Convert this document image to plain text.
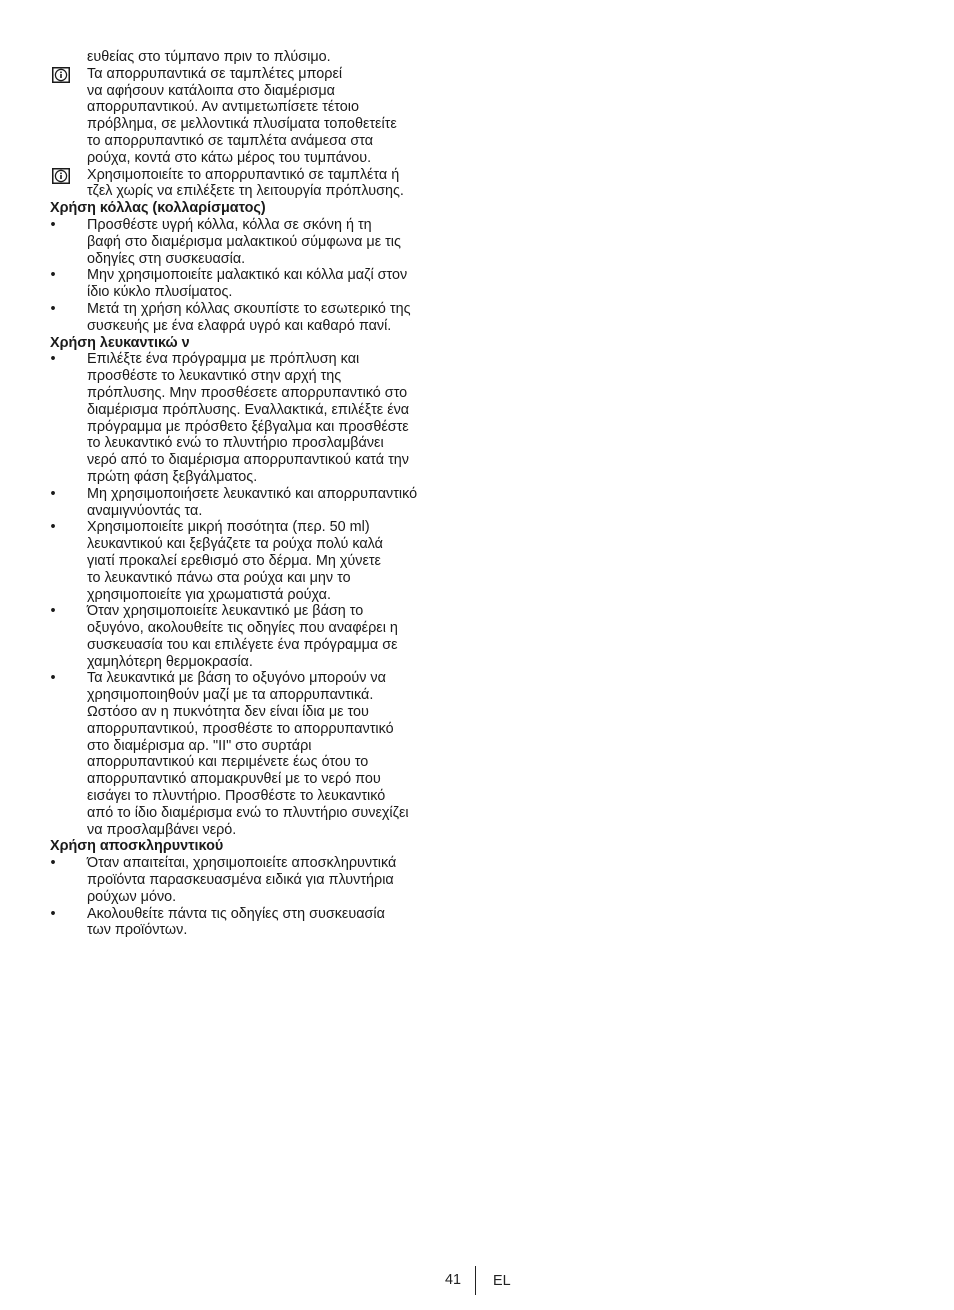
ευθείας στο τύμπανο πριν το πλύσιμο.
Τα απορρυπαντικά σε ταμπλέτες μπορεί
να αφήσουν κατάλοιπα στο διαμέρισμα
απορρυπαντικού. Αν αντιμετωπίσετε τέτοιο
πρόβλημα, σε μελλοντικά πλυσίματα τοποθετείτε
το απορρυπαντικό σε ταμπλέτα ανάμεσα στα
ρούχα, κοντά στο κάτω μέρος του τυμπάνου.
Χρησιμοποιείτε το απορρυπαντικό σε ταμπλέτα ή
τζελ χωρίς να επιλέξετε τη λειτουργία πρόπλυσης.
Χρήση κόλλας (κολλαρίσματος)
• Προσθέστε υγρή κόλλα, κόλλα σε σκόνη ή τη
βαφή στο διαμέρισμα μαλακτικού σύμφωνα με τις
οδηγίες στη συσκευασία.
• Μην χρησιμοποιείτε μαλακτικό και κόλλα μαζί στον
ίδιο κύκλο πλυσίματος.
• Μετά τη χρήση κόλλας σκουπίστε το εσωτερικό της
συσκευής με ένα ελαφρά υγρό και καθαρό πανί.
Χρήση λευκαντικώ ν
• Επιλέξτε ένα πρόγραμμα με πρόπλυση και
προσθέστε το λευκαντικό στην αρχή της
πρόπλυσης. Μην προσθέσετε απορρυπαντικό στο
διαμέρισμα πρόπλυσης. Εναλλακτικά, επιλέξτε ένα
πρόγραμμα με πρόσθετο ξέβγαλμα και προσθέστε
το λευκαντικό ενώ το πλυντήριο προσλαμβάνει
νερό από το διαμέρισμα απορρυπαντικού κατά την
πρώτη φάση ξεβγάλματος.
• Μη χρησιμοποιήσετε λευκαντικό και απορρυπαντικό
αναμιγνύοντάς τα.
• Χρησιμοποιείτε μικρή ποσότητα (περ. 50 ml)
λευκαντικού και ξεβγάζετε τα ρούχα πολύ καλά
γιατί προκαλεί ερεθισμό στο δέρμα. Μη χύνετε
το λευκαντικό πάνω στα ρούχα και μην το
χρησιμοποιείτε για χρωματιστά ρούχα.
• Όταν χρησιμοποιείτε λευκαντικό με βάση το
οξυγόνο, ακολουθείτε τις οδηγίες που αναφέρει η
συσκευασία του και επιλέγετε ένα πρόγραμμα σε
χαμηλότερη θερμοκρασία.
• Τα λευκαντικά με βάση το οξυγόνο μπορούν να
χρησιμοποιηθούν μαζί με τα απορρυπαντικά.
Ωστόσο αν η πυκνότητα δεν είναι ίδια με του
απορρυπαντικού, προσθέστε το απορρυπαντικό
στο διαμέρισμα αρ. "II" στο συρτάρι
απορρυπαντικού και περιμένετε έως ότου το
απορρυπαντικό απομακρυνθεί με το νερό που
εισάγει το πλυντήριο. Προσθέστε το λευκαντικό
από το ίδιο διαμέρισμα ενώ το πλυντήριο συνεχίζει
να προσλαμβάνει νερό.
Χρήση αποσκληρυντικού
• Όταν απαιτείται, χρησιμοποιείτε αποσκληρυντικά
προϊόντα παρασκευασμένα ειδικά για πλυντήρια
ρούχων μόνο.
• Ακολουθείτε πάντα τις οδηγίες στη συσκευασία
των προϊόντων.
41 EL
